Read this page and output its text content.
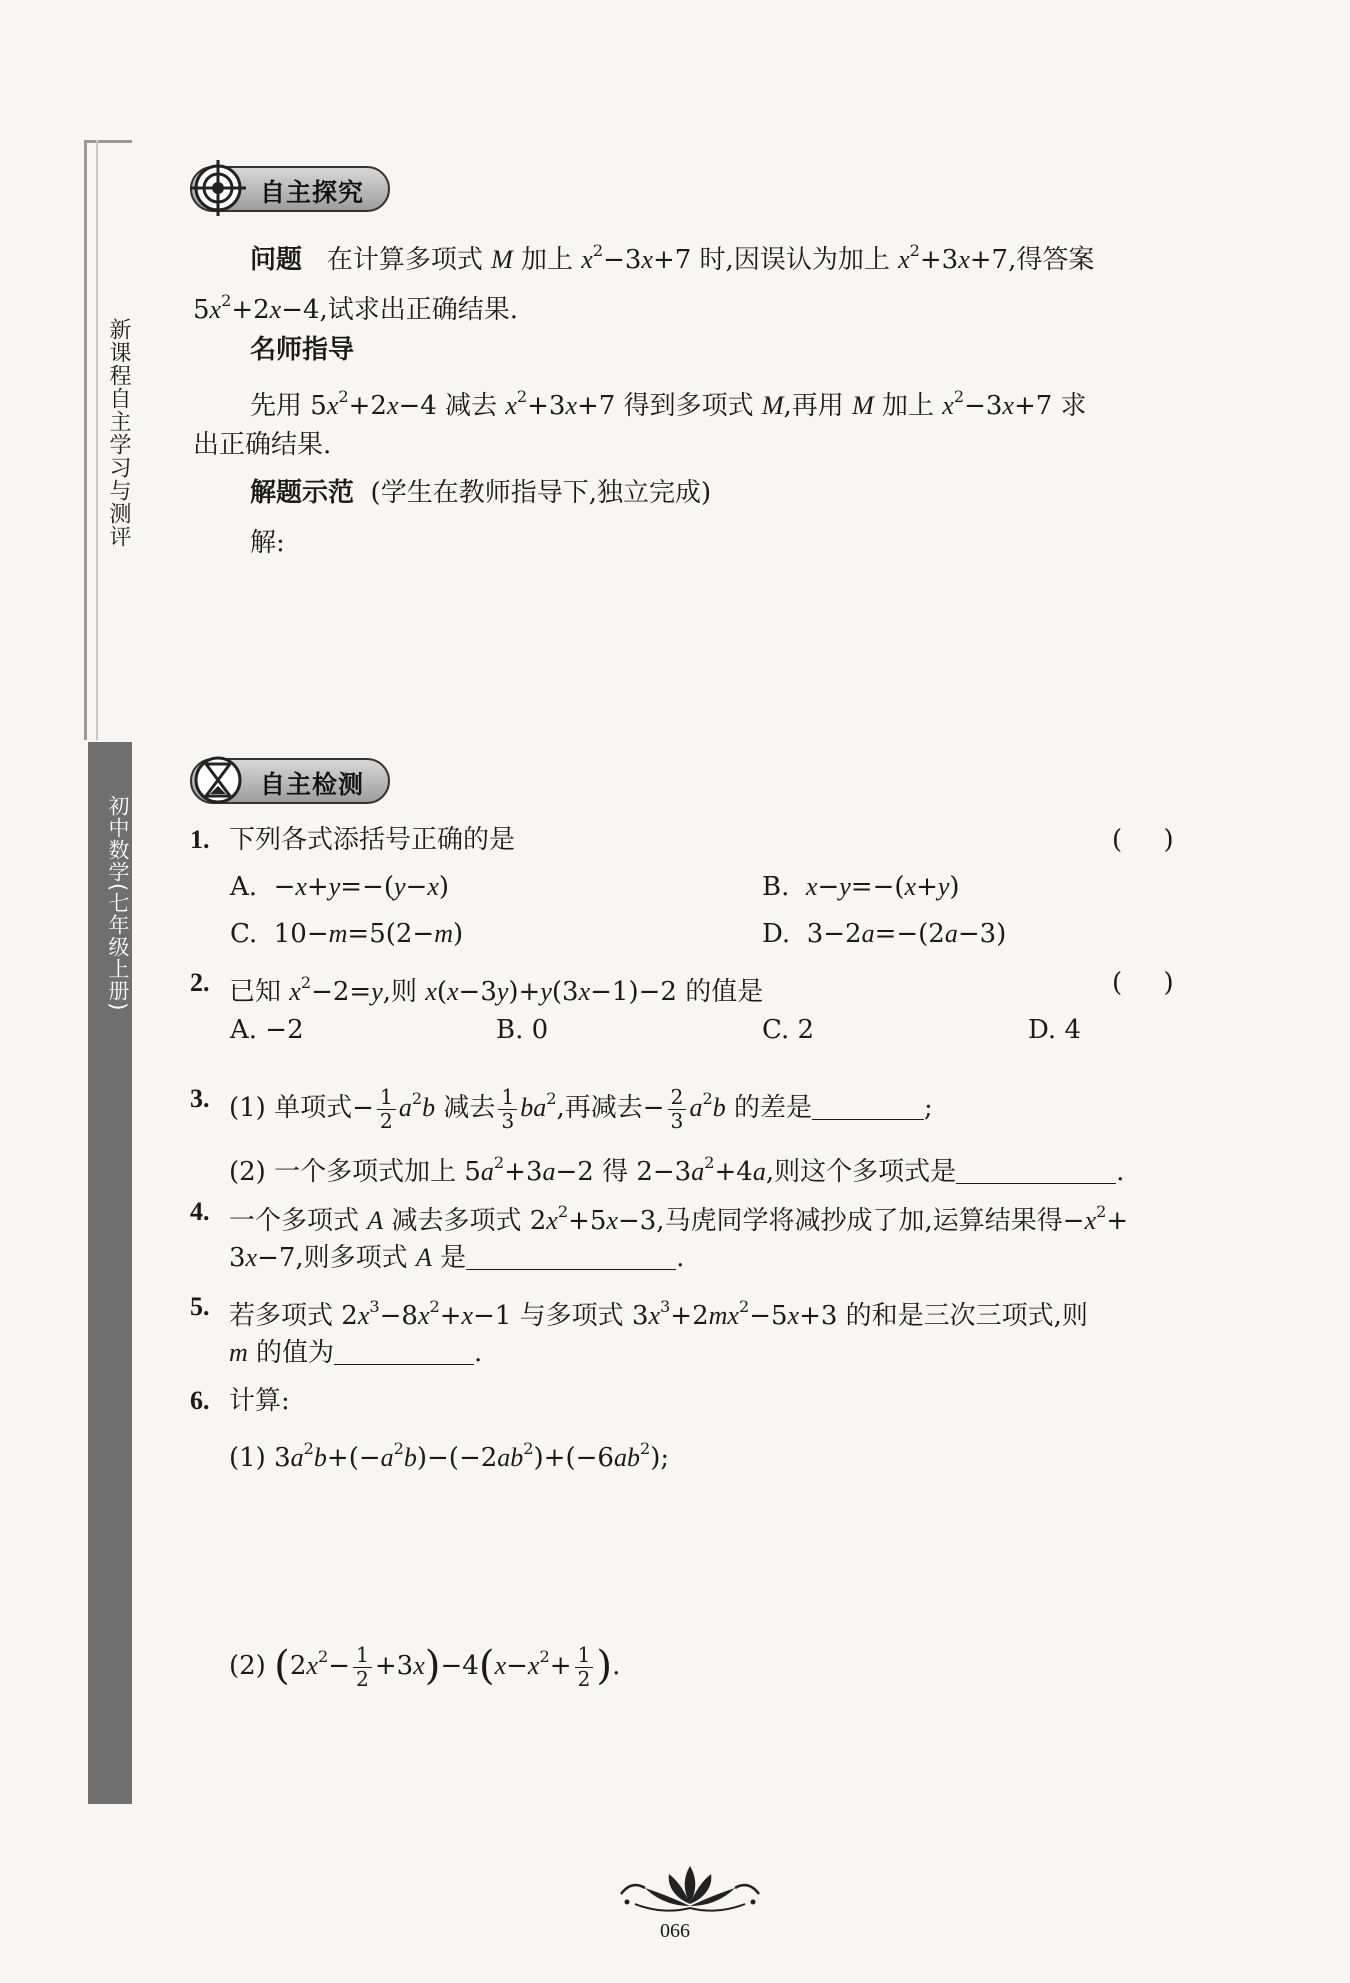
新课程自主学习与测评
初中数学(七年级上册)
自主探究
问题 在计算多项式 M 加上 $x^2-3x+7$ 时,因误认为加上 $x^2+3x+7$,得答案
$5x^2+2x-4$,试求出正确结果.
名师指导
先用 $5x^2+2x-4$ 减去 $x^2+3x+7$ 得到多项式 M,再用 M 加上 $x^2-3x+7$ 求
出正确结果.
解题示范 (学生在教师指导下,独立完成)
解:
自主检测
1. 下列各式添括号正确的是	(     )
A.  −x+y=−(y−x)	B. x−y=−(x+y)
C.  10−m=5(2−m)	D.  3−2a=−(2a−3)
2. 已知 $x^2-2=y$,则 x(x−3y)+y(3x−1)−2 的值是	(     )
A. −2	B. 0	C. 2	D. 4
3. (1) 单项式− $\frac{1}{2} a^2b$ 减去 $\frac{1}{3} ba^2$,再减去− $\frac{2}{3} a^2b$ 的差是	;
(2) 一个多项式加上 $5a^2+3a-2$ 得 $2-3a^2+4a$,则这个多项式是	.
4. 一个多项式 A 减去多项式 $2x^2+5x-3$,马虎同学将减抄成了加,运算结果得$-x^2+$
3x−7,则多项式 A 是	.
5. 若多项式 $2x^3-8x^2+x-1$ 与多项式 $3x^3+2mx^2-5x+3$ 的和是三次三项式,则
m 的值为	.
6. 计算:
(1) $3a^2b+(-a^2b)-(-2ab^2)+(-6ab^2)$;
(2) $(2x^2- \frac{1}{2} +3x)-4(x-x^2+ \frac{1}{2}$ ).
066
